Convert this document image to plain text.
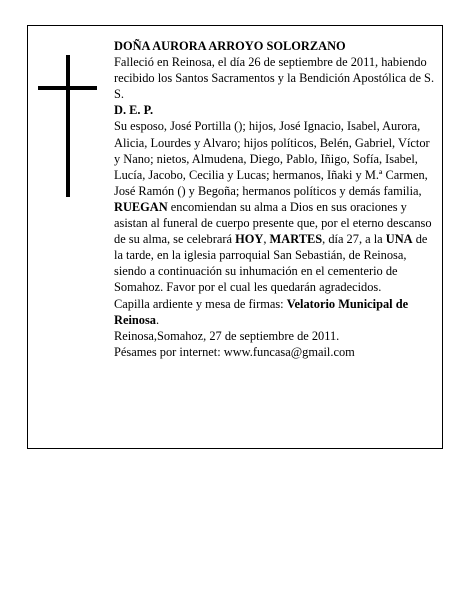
DOÑA AURORA ARROYO SOLORZANO

Falleció en Reinosa, el día 26 de septiembre de 2011, habiendo recibido los Santos Sacramentos y la Bendición Apostólica de S. S.

D. E. P.

Su esposo, José Portilla (); hijos, José Ignacio, Isabel, Aurora, Alicia, Lourdes y Alvaro; hijos políticos, Belén, Gabriel, Víctor y Nano; nietos, Almudena, Diego, Pablo, Iñigo, Sofía, Isabel, Lucía, Jacobo, Cecilia y Lucas; hermanos, Iñaki y M.ª Carmen, José Ramón () y Begoña; hermanos políticos y demás familia,

RUEGAN encomiendan su alma a Dios en sus oraciones y asistan al funeral de cuerpo presente que, por el eterno descanso de su alma, se celebrará HOY, MARTES, día 27, a la UNA de la tarde, en la iglesia parroquial San Sebastián, de Reinosa, siendo a continuación su inhumación en el cementerio de Somahoz. Favor por el cual les quedarán agradecidos.

Capilla ardiente y mesa de firmas: Velatorio Municipal de Reinosa.

Reinosa,Somahoz, 27 de septiembre de 2011.

Pésames por internet: www.funcasa@gmail.com
